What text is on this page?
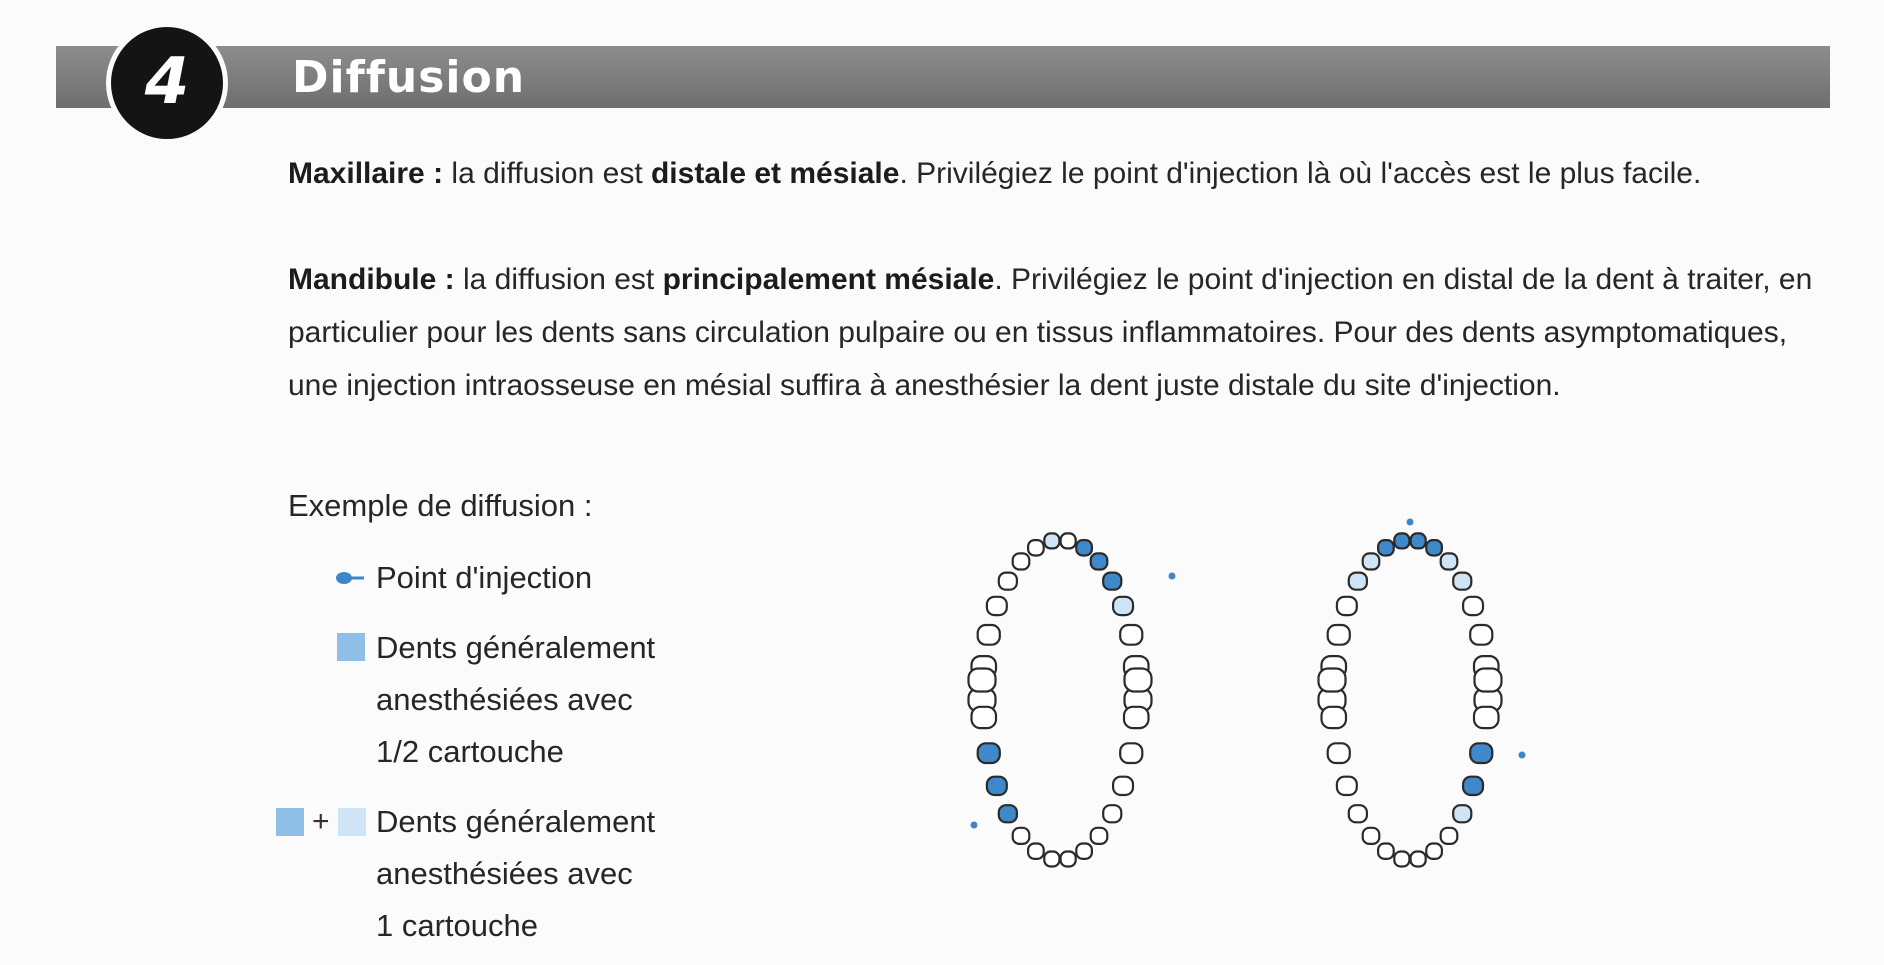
4	Diffusion

Maxillaire : la diffusion est distale et mésiale. Privilégiez le point d'injection là où l'accès est le plus facile.

Mandibule : la diffusion est principalement mésiale. Privilégiez le point d'injection en distal de la dent à traiter, en particulier pour les dents sans circulation pulpaire ou en tissus inflammatoires. Pour des dents asymptomatiques, une injection intraosseuse en mésial suffira à anesthésier la dent juste distale du site d'injection.

Exemple de diffusion :
Point d'injection
Dents généralement
anesthésiées avec
1/2 cartouche
+ Dents généralement
anesthésiées avec
1 cartouche
